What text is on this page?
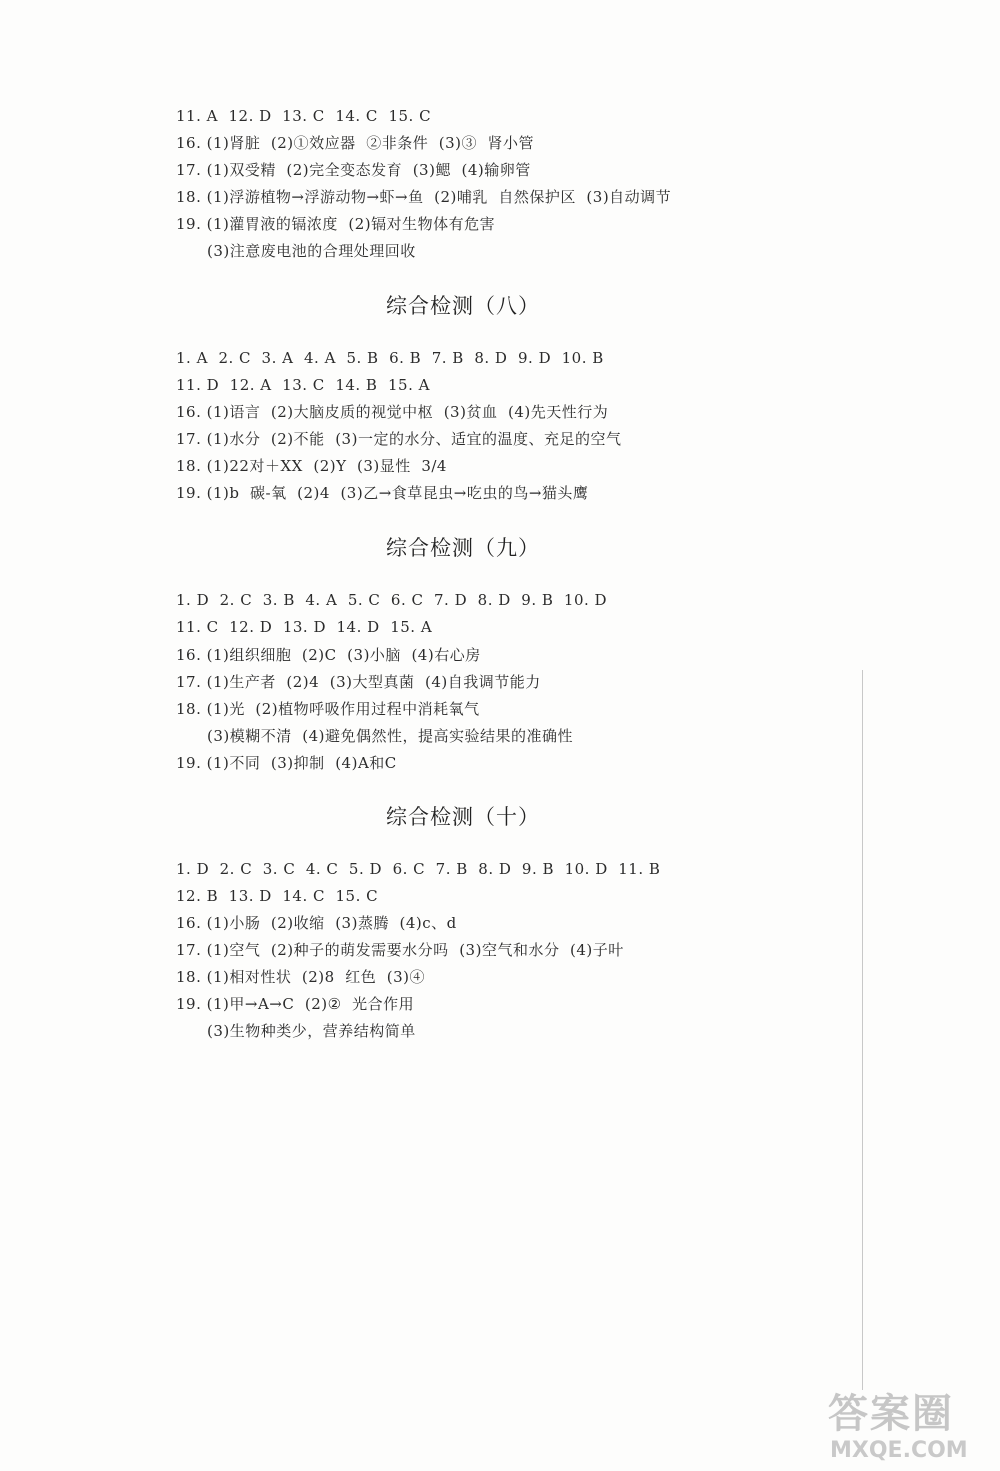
11. A  12. D  13. C  14. C  15. C
16. (1)肾脏  (2)①效应器  ②非条件  (3)③  肾小管
17. (1)双受精  (2)完全变态发育  (3)鳃  (4)输卵管
18. (1)浮游植物→浮游动物→虾→鱼  (2)哺乳  自然保护区  (3)自动调节
19. (1)灌胃液的镉浓度  (2)镉对生物体有危害
(3)注意废电池的合理处理回收
综合检测（八）
1. A  2. C  3. A  4. A  5. B  6. B  7. B  8. D  9. D  10. B
11. D  12. A  13. C  14. B  15. A
16. (1)语言  (2)大脑皮质的视觉中枢  (3)贫血  (4)先天性行为
17. (1)水分  (2)不能  (3)一定的水分、适宜的温度、充足的空气
18. (1)22对＋XX  (2)Y  (3)显性  3/4
19. (1)b  碳-氧  (2)4  (3)乙→食草昆虫→吃虫的鸟→猫头鹰
综合检测（九）
1. D  2. C  3. B  4. A  5. C  6. C  7. D  8. D  9. B  10. D
11. C  12. D  13. D  14. D  15. A
16. (1)组织细胞  (2)C  (3)小脑  (4)右心房
17. (1)生产者  (2)4  (3)大型真菌  (4)自我调节能力
18. (1)光  (2)植物呼吸作用过程中消耗氧气
(3)模糊不清  (4)避免偶然性，提高实验结果的准确性
19. (1)不同  (3)抑制  (4)A和C
综合检测（十）
1. D  2. C  3. C  4. C  5. D  6. C  7. B  8. D  9. B  10. D  11. B
12. B  13. D  14. C  15. C
16. (1)小肠  (2)收缩  (3)蒸腾  (4)c、d
17. (1)空气  (2)种子的萌发需要水分吗  (3)空气和水分  (4)子叶
18. (1)相对性状  (2)8  红色  (3)④
19. (1)甲→A→C  (2)②  光合作用
(3)生物种类少，营养结构简单
答案圈
MXQE.COM
